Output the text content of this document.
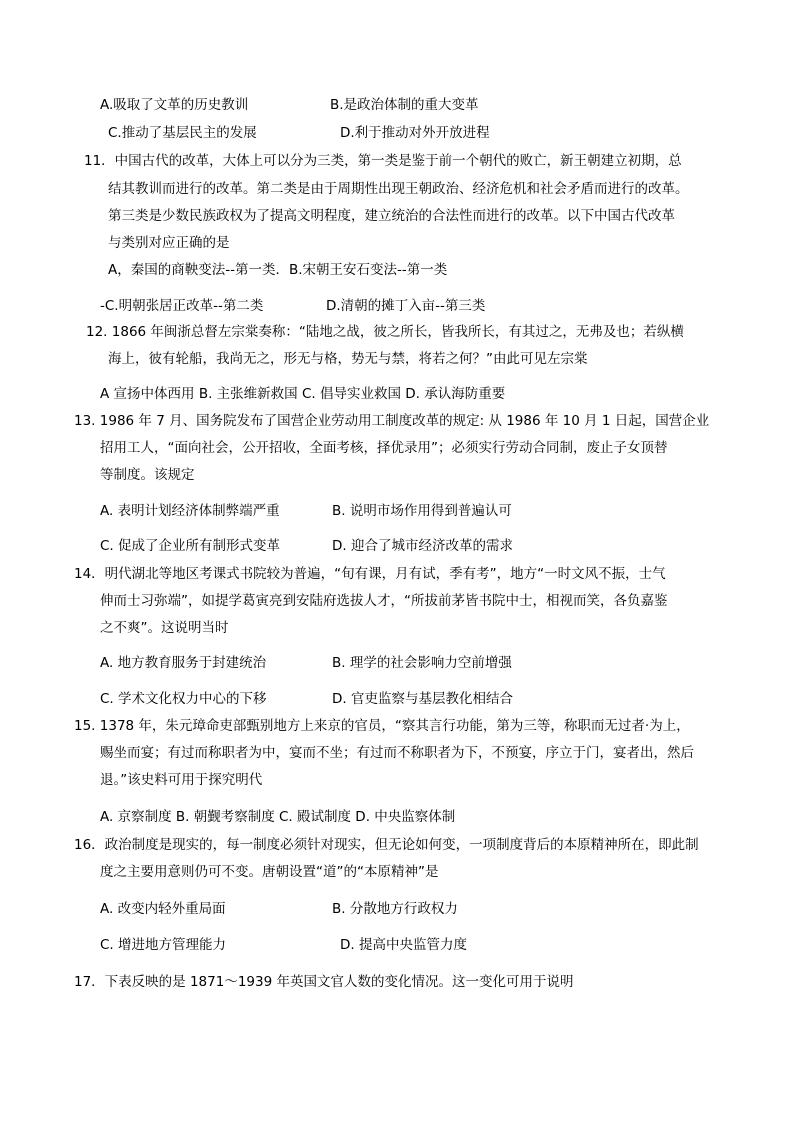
A.吸取了文革的历史教训	B.是政治体制的重大变革
C.推动了基层民主的发展	D.利于推动对外开放进程
11．中国古代的改革，大体上可以分为三类，第一类是鉴于前一个朝代的败亡，新王朝建立初期，总
结其教训而进行的改革。第二类是由于周期性出现王朝政治、经济危机和社会矛盾而进行的改革。
第三类是少数民族政权为了提高文明程度，建立统治的合法性而进行的改革。以下中国古代改革
与类别对应正确的是
A，秦国的商鞅变法--第一类．B.宋朝王安石变法--第一类
-C.明朝张居正改革--第二类	D.清朝的摊丁入亩--第三类
12. 1866 年闽浙总督左宗棠奏称：“陆地之战，彼之所长，皆我所长，有其过之，无弗及也；若纵横
海上，彼有轮船，我尚无之，形无与格，势无与禁，将若之何？”由此可见左宗棠
A 宣扬中体西用 B. 主张维新救国 C. 倡导实业救国 D. 承认海防重要
13. 1986 年 7 月、国务院发布了国营企业劳动用工制度改革的规定: 从 1986 年 10 月 1 日起，国营企业
招用工人，“面向社会，公开招收，全面考核，择优录用”；必须实行劳动合同制，废止子女顶替
等制度。该规定
A. 表明计划经济体制弊端严重	B. 说明市场作用得到普遍认可
C. 促成了企业所有制形式变革	D. 迎合了城市经济改革的需求
14．明代湖北等地区考课式书院较为普遍，“旬有课，月有试，季有考”，地方“一时文风不振，士气
伸而士习弥端”，如提学葛寅亮到安陆府选拔人才，“所拔前茅皆书院中士，相视而笑，各负嘉鉴
之不爽”。这说明当时
A. 地方教育服务于封建统治	B. 理学的社会影响力空前增强
C. 学术文化权力中心的下移	D. 官吏监察与基层教化相结合
15. 1378 年，朱元璋命吏部甄别地方上来京的官员，“察其言行功能，第为三等，称职而无过者·为上，
赐坐而宴；有过而称职者为中，宴而不坐；有过而不称职者为下，不预宴，序立于门，宴者出，然后
退。”该史料可用于探究明代
A. 京察制度 B. 朝觐考察制度 C. 殿试制度 D. 中央监察体制
16．政治制度是现实的，每一制度必须针对现实，但无论如何变，一项制度背后的本原精神所在，即此制
度之主要用意则仍可不变。唐朝设置“道”的“本原精神”是
A. 改变内轻外重局面	B. 分散地方行政权力
C. 增进地方管理能力	D. 提高中央监管力度
17．下表反映的是 1871～1939 年英国文官人数的变化情况。这一变化可用于说明
